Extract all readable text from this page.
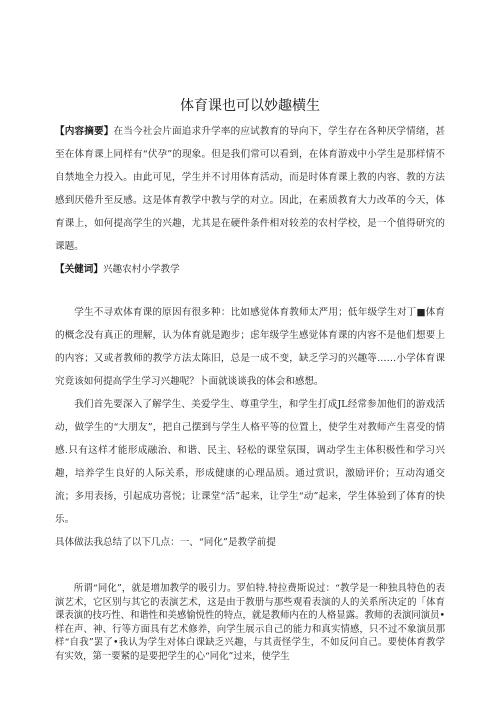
体育课也可以妙趣横生

【内容摘要】在当今社会片面追求升学率的应试教育的导向下，学生存在各种厌学情绪，甚至在体育课上同样有“伏孕”的现象。但是我们常可以看到，在体育游戏中小学生是那样情不自禁地全力投入。由此可见，学生并不讨用体育活动，而是时体育课上教的内容、教的方法感到厌倦升至反感。这是体育教学中教与学的对立。因此，在素质教育大力改革的今天，体育课上，如何提高学生的兴趣，尤其是在硬件条件相对较差的农村学校，是一个值得研究的课题。

【关健词】兴趣农村小学教学

学生不寻欢体育课的原因有很多种：比如感觉体育教师太严用；低年级学生对丁■体育的概念没有真正的理解，认为体育就是跑步；虑年级学生感觉体育课的内容不是他们想要上的内容；又或者教师的教学方法太陈旧，总是一成不变，缺乏学习的兴趣等……小学体育课究竟该如何提高学生学习兴趣呢？卜面就谈谈我的体会和感想。

我们首先要深入了解学生、美爱学生、尊重学生，和学生打成JL经常参加他们的游戏活动，做学生的“大朋友”，把自己摆到与学生人格平等的位置上，使学生对教师产生喜受的情感.只有这样才能形成融治、和谐、民主、轻松的课堂氛围，调动学生主体积极性和学习兴趣，培养学生良好的人际关系，形成健康的心理品质。通过赏识，激励评价；互动沟通交流；多用表扬，引起成功喜悦；让课堂“活”起来，让学生“动”起来，学生体验到了体育的快乐。

具体做法我总结了以下几点：一、“同化”是教学前提

所谓“同化”，就是增加教学的吸引力。罗伯特.特拉费斯说过：“教学是一种独具特色的表演艺术，它区别与其它的表演艺术，这是由于教册与那些观看表演的人的关系所决定的「体育课表演的技巧性、和谐性和美感愉悦性的特点，就是教师内在的人格显露。教师的表演同演员•样在声、神、行等方面具有艺术修养，向学生展示自己的能力和真实情感，只不过不象演员那样“自我”罢了•我认为学生对体白课缺乏兴趣，与其责怪学生，不如反问自己。要使体育教学有实效，第一要紧的是要把学生的心“同化”过来，使学生
